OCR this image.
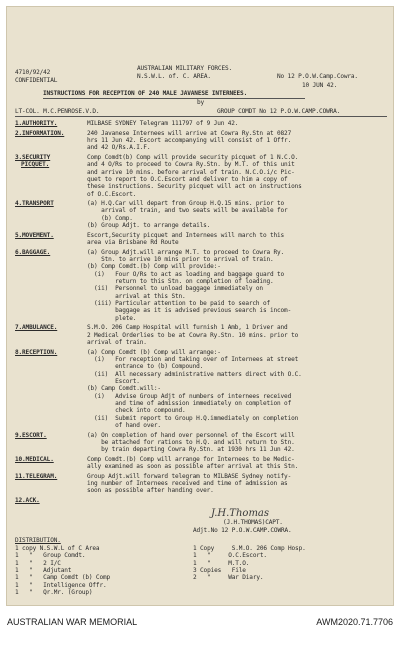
4710/92/42
CONFIDENTIAL
AUSTRALIAN MILITARY FORCES.
N.S.W.L. of. C. AREA.	No 12 P.O.W.Camp.Cowra.
10 JUN 42.
INSTRUCTIONS FOR RECEPTION OF 240 MALE JAVANESE INTERNEES.
by
LT-COL. M.C.PENROSE.V.D.	GROUP COMDT No 12 P.O.W.CAMP.COWRA.
1.AUTHORITY.	MILBASE SYDNEY Telegram 111797 of 9 Jun 42.
2.INFORMATION.	240 Javanese Internees will arrive at Cowra Ry.Stn at 0827
hrs 11 Jun 42. Escort accompanying will consist of 1 Offr.
and 42 O/Rs.A.I.F.
3.SECURITY
PICQUET.
Comp Comdt(b) Comp will provide security picquet of 1 N.C.O.
and 4 O/Rs to proceed to Cowra Ry.Stn. by M.T. of this unit
and arrive 10 mins. before arrival of train. N.C.O.i/c Pic-
quet to report to O.C.Escort and deliver to him a copy of
these instructions. Security picquet will act on instructions
of O.C.Escort.
4.TRANSPORT	(a) H.Q.Car will depart from Group H.Q.15 mins. prior to
arrival of train, and two seats will be available for
(b) Comp.
(b) Group Adjt. to arrange details.
5.MOVEMENT.	Escort,Security picquet and Internees will march to this
area via Brisbane Rd Route
6.BAGGAGE.	(a) Group Adjt.will arrange M.T. to proceed to Cowra Ry.
Stn. to arrive 10 mins prior to arrival of train.
(b) Comp Comdt.(b) Comp will provide:-
(i)   Four O/Rs to act as loading and baggage guard to
return to this Stn. on completion of loading.
(ii)  Personnel to unload baggage immediately on
arrival at this Stn.
(iii) Particular attention to be paid to search of
baggage as it is advised previous search is incom-
plete.
7.AMBULANCE.	S.M.O. 206 Camp Hospital will furnish 1 Amb, 1 Driver and
2 Medical Orderlies to be at Cowra Ry.Stn. 10 mins. prior to
arrival of train.
8.RECEPTION.	(a) Comp Comdt (b) Comp will arrange:-
(i)   For reception and taking over of Internees at street
entrance to (b) Compound.
(ii)  All necessary administrative matters direct with O.C.
Escort.
(b) Camp Comdt.will:-
(i)   Advise Group Adjt of numbers of internees received
and time of admission immediately on completion of
check into compound.
(ii)  Submit report to Group H.Q.immediately on completion
of hand over.
9.ESCORT.	(a) On completion of hand over personnel of the Escort will
be attached for rations to H.Q. and will return to Stn.
by train departing Cowra Ry.Stn. at 1930 hrs 11 Jun 42.
10.MEDICAL.	Comp Comdt.(b) Comp will arrange for Internees to be Medic-
ally examined as soon as possible after arrival at this Stn.
11.TELEGRAM.	Group Adjt.will forward telegram to MILBASE Sydney notify-
ing number of Internees received and time of admission as
soon as possible after handing over.
12.ACK.
J.H.Thomas
(J.H.THOMAS)CAPT.
Adjt.No 12 P.O.W.CAMP.COWRA.
DISTRIBUTION.
1 copy N.S.W.L of C Area
1   "   Group Comdt.
1   "   2 I/C
1   "   Adjutant
1   "   Camp Comdt (b) Comp
1   "   Intelligence Offr.
1   "   Qr.Mr. (Group)
1 Copy     S.M.O. 206 Comp Hosp.
1   "     O.C.Escort.
1   "     M.T.O.
3 Copies   File
2   "     War Diary.
AUSTRALIAN WAR MEMORIAL	AWM2020.71.7706
